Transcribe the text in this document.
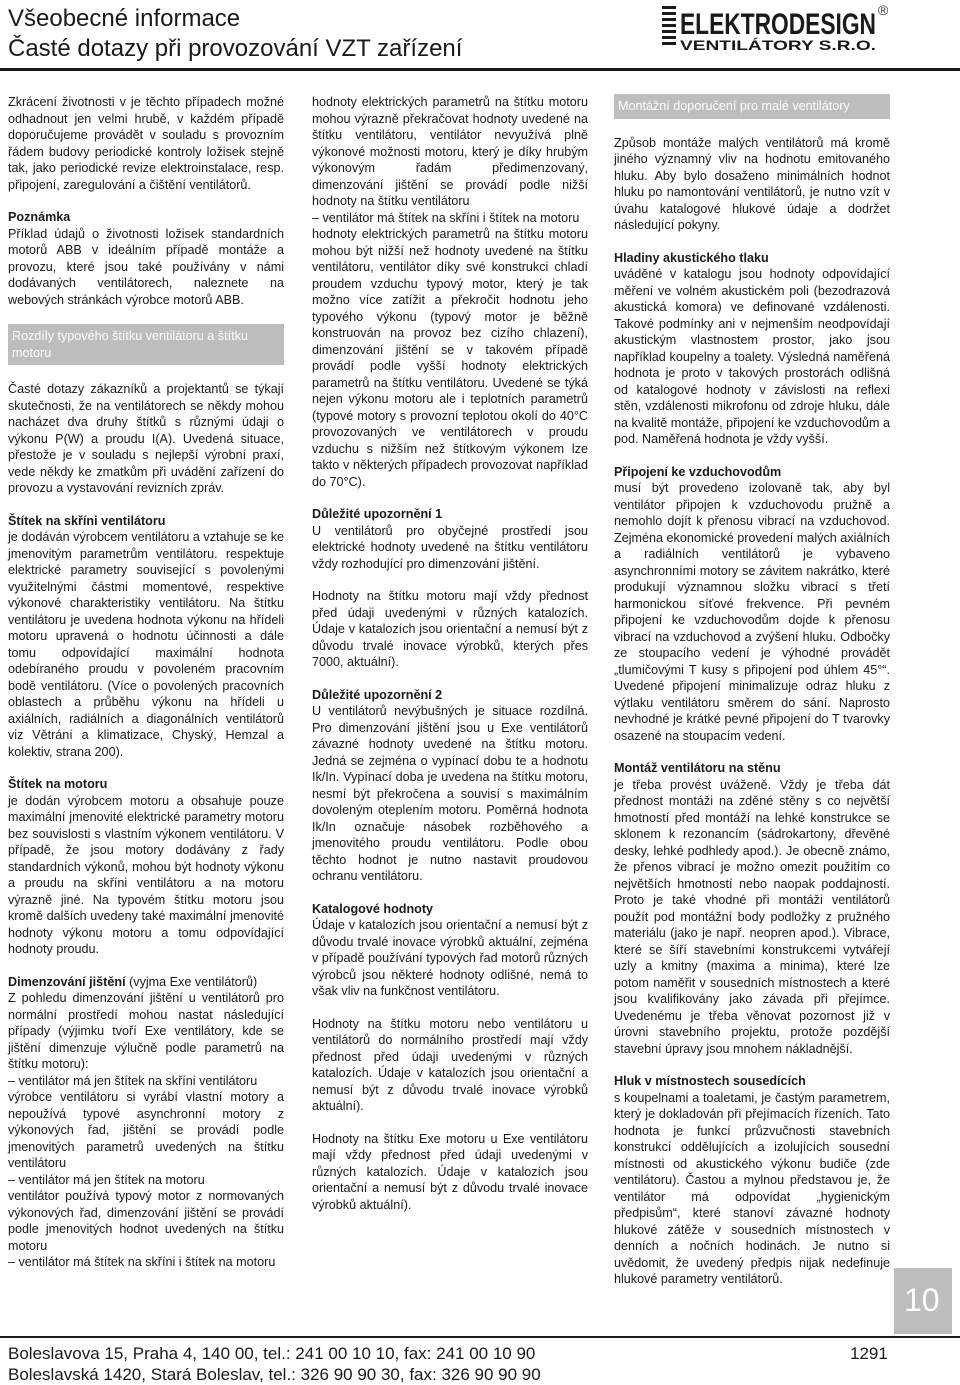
Všeobecné informace
Časté dotazy při provozování VZT zařízení
ELEKTRODESIGN
VENTILÁTORY S.R.O.
®

Zkrácení životnosti v je těchto případech možné odhadnout jen velmi hrubě, v každém případě doporučujeme provádět v souladu s provozním řádem budovy periodické kontroly ložisek stejně tak, jako periodické revize elektroinstalace, resp. připojení, zaregulování a čištění ventilátorů.

Poznámka

Příklad údajů o životnosti ložisek standardních motorů ABB v ideálním případě montáže a provozu, které jsou také používány v námi dodávaných ventilátorech, naleznete na webových stránkách výrobce motorů ABB.

Rozdíly typového štítku ventilátoru a štítku motoru

Časté dotazy zákazníků a projektantů se týkají skutečnosti, že na ventilátorech se někdy mohou nacházet dva druhy štítků s různými údaji o výkonu P(W) a proudu I(A). Uvedená situace, přestože je v souladu s nejlepší výrobní praxí, vede někdy ke zmatkům při uvádění zařízení do provozu a vystavování revizních zpráv.

Štítek na skříni ventilátoru

je dodáván výrobcem ventilátoru a vztahuje se ke jmenovitým parametrům ventilátoru. respektuje elektrické parametry související s povolenými využitelnými částmi momentové, respektive výkonové charakteristiky ventilátoru. Na štítku ventilátoru je uvedena hodnota výkonu na hřídeli motoru upravená o hodnotu účinnosti a dále tomu odpovídající maximální hodnota odebíraného proudu v povoleném pracovním bodě ventilátoru. (Více o povolených pracovních oblastech a průběhu výkonu na hřídeli u axiálních, radiálních a diagonálních ventilátorů viz Větrání a klimatizace, Chyský, Hemzal a kolektiv, strana 200).

Štítek na motoru

je dodán výrobcem motoru a obsahuje pouze maximální jmenovité elektrické parametry motoru bez souvislosti s vlastním výkonem ventilátoru. V případě, že jsou motory dodávány z řady standardních výkonů, mohou být hodnoty výkonu a proudu na skříni ventilátoru a na motoru výrazně jiné. Na typovém štítku motoru jsou kromě dalších uvedeny také maximální jmenovité hodnoty výkonu motoru a tomu odpovídající hodnoty proudu.

Dimenzování jištění (vyjma Exe ventilátorů)

Z pohledu dimenzování jištění u ventilátorů pro normální prostředí mohou nastat následující případy (výjimku tvoří Exe ventilátory, kde se jištění dimenzuje výlučně podle parametrů na štítku motoru):

– ventilátor má jen štítek na skříni ventilátoru
výrobce ventilátoru si vyrábí vlastní motory a nepoužívá typové asynchronní motory z výkonových řad, jištění se provádí podle jmenovitých parametrů uvedených na štítku ventilátoru
– ventilátor má jen štítek na motoru
ventilátor používá typový motor z normovaných výkonových řad, dimenzování jištění se provádí podle jmenovitých hodnot uvedených na štítku motoru
– ventilátor má štítek na skříni i štítek na motoru

hodnoty elektrických parametrů na štítku motoru mohou výrazně překračovat hodnoty uvedené na štítku ventilátoru, ventilátor nevyužívá plně výkonové možnosti motoru, který je díky hrubým výkonovým řadám předimenzovaný, dimenzování jištění se provádí podle nižší hodnoty na štítku ventilátoru

– ventilátor má štítek na skříni i štítek na motoru

hodnoty elektrických parametrů na štítku motoru mohou být nižší než hodnoty uvedené na štítku ventilátoru, ventilátor díky své konstrukci chladí proudem vzduchu typový motor, který je tak možno více zatížit a překročit hodnotu jeho typového výkonu (typový motor je běžně konstruován na provoz bez cizího chlazení), dimenzování jištění se v takovém případě provádí podle vyšší hodnoty elektrických parametrů na štítku ventilátoru. Uvedené se týká nejen výkonu motoru ale i teplotních parametrů (typové motory s provozní teplotou okolí do 40°C provozovaných ve ventilátorech v proudu vzduchu s nižším než štítkovým výkonem lze takto v některých případech provozovat například do 70°C).

Důležité upozornění 1

U ventilátorů pro obyčejné prostředí jsou elektrické hodnoty uvedené na štítku ventilátoru vždy rozhodující pro dimenzování jištění.

Hodnoty na štítku motoru mají vždy přednost před údaji uvedenými v různých katalozích. Údaje v katalozích jsou orientační a nemusí být z důvodu trvalé inovace výrobků, kterých přes 7000, aktuální).

Důležité upozornění 2

U ventilátorů nevýbušných je situace rozdílná. Pro dimenzování jištění jsou u Exe ventilátorů závazné hodnoty uvedené na štítku motoru. Jedná se zejména o vypínací dobu te a hodnotu Ik/In. Vypínací doba je uvedena na štítku motoru, nesmí být překročena a souvisí s maximálním dovoleným oteplením motoru. Poměrná hodnota Ik/In označuje násobek rozběhového a jmenovitého proudu ventilátoru. Podle obou těchto hodnot je nutno nastavit proudovou ochranu ventilátoru.

Katalogové hodnoty

Údaje v katalozích jsou orientační a nemusí být z důvodu trvalé inovace výrobků aktuální, zejména v případě používání typových řad motorů různých výrobců jsou některé hodnoty odlišné, nemá to však vliv na funkčnost ventilátoru.

Hodnoty na štítku motoru nebo ventilátoru u ventilátorů do normálního prostředí mají vždy přednost před údaji uvedenými v různých katalozích. Údaje v katalozích jsou orientační a nemusí být z důvodu trvalé inovace výrobků aktuální).

Hodnoty na štítku Exe motoru u Exe ventilátoru mají vždy přednost před údaji uvedenými v různých katalozích. Údaje v katalozích jsou orientační a nemusí být z důvodu trvalé inovace výrobků aktuální).

Montážní doporučení pro malé ventilátory

Způsob montáže malých ventilátorů má kromě jiného významný vliv na hodnotu emitovaného hluku. Aby bylo dosaženo minimálních hodnot hluku po namontování ventilátorů, je nutno vzít v úvahu katalogové hlukové údaje a dodržet následující pokyny.

Hladiny akustického tlaku

uváděné v katalogu jsou hodnoty odpovídající měření ve volném akustickém poli (bezodrazová akustická komora) ve definované vzdálenosti. Takové podmínky ani v nejmenším neodpovídají akustickým vlastnostem prostor, jako jsou například koupelny a toalety. Výsledná naměřená hodnota je proto v takových prostorách odlišná od katalogové hodnoty v závislosti na reflexi stěn, vzdálenosti mikrofonu od zdroje hluku, dále na kvalitě montáže, připojení ke vzduchovodům a pod. Naměřená hodnota je vždy vyšší.

Připojení ke vzduchovodům

musí být provedeno izolovaně tak, aby byl ventilátor připojen k vzduchovodu pružně a nemohlo dojít k přenosu vibrací na vzduchovod. Zejména ekonomické provedení malých axiálních a radiálních ventilátorů je vybaveno asynchronními motory se závitem nakrátko, které produkují významnou složku vibrací s třetí harmonickou síťové frekvence. Při pevném připojení ke vzduchovodům dojde k přenosu vibrací na vzduchovod a zvýšení hluku. Odbočky ze stoupacího vedení je výhodné provádět „tlumičovými T kusy s připojení pod úhlem 45°“. Uvedené připojení minimalizuje odraz hluku z výtlaku ventilátoru směrem do sání. Naprosto nevhodné je krátké pevné připojení do T tvarovky osazené na stoupacím vedení.

Montáž ventilátoru na stěnu

je třeba provést uváženě. Vždy je třeba dát přednost montáži na zděné stěny s co největší hmotností před montáží na lehké konstrukce se sklonem k rezonancím (sádrokartony, dřevěné desky, lehké podhledy apod.). Je obecně známo, že přenos vibrací je možno omezit použitím co největších hmotností nebo naopak poddajností. Proto je také vhodné při montáži ventilátorů použít pod montážní body podložky z pružného materiálu (jako je např. neopren apod.). Vibrace, které se šíří stavebními konstrukcemi vytvářejí uzly a kmitny (maxima a minima), které lze potom naměřit v sousedních místnostech a které jsou kvalifikovány jako závada při přejímce. Uvedenému je třeba věnovat pozornost již v úrovni stavebního projektu, protože pozdější stavební úpravy jsou mnohem nákladnější.

Hluk v místnostech sousedících

s koupelnami a toaletami, je častým parametrem, který je dokladován při přejímacích řízeních. Tato hodnota je funkcí průzvučnosti stavebních konstrukcí oddělujících a izolujících sousední místnosti od akustického výkonu budiče (zde ventilátoru). Častou a mylnou představou je, že ventilátor má odpovídat „hygienickým předpisům“, které stanoví závazné hodnoty hlukové zátěže v sousedních místnostech v denních a nočních hodinách. Je nutno si uvědomit, že uvedený předpis nijak nedefinuje hlukové parametry ventilátorů.

10
Boleslavova 15, Praha 4, 140 00, tel.: 241 00 10 10, fax: 241 00 10 90
Boleslavská 1420, Stará Boleslav, tel.: 326 90 90 30, fax: 326 90 90 90
1291
